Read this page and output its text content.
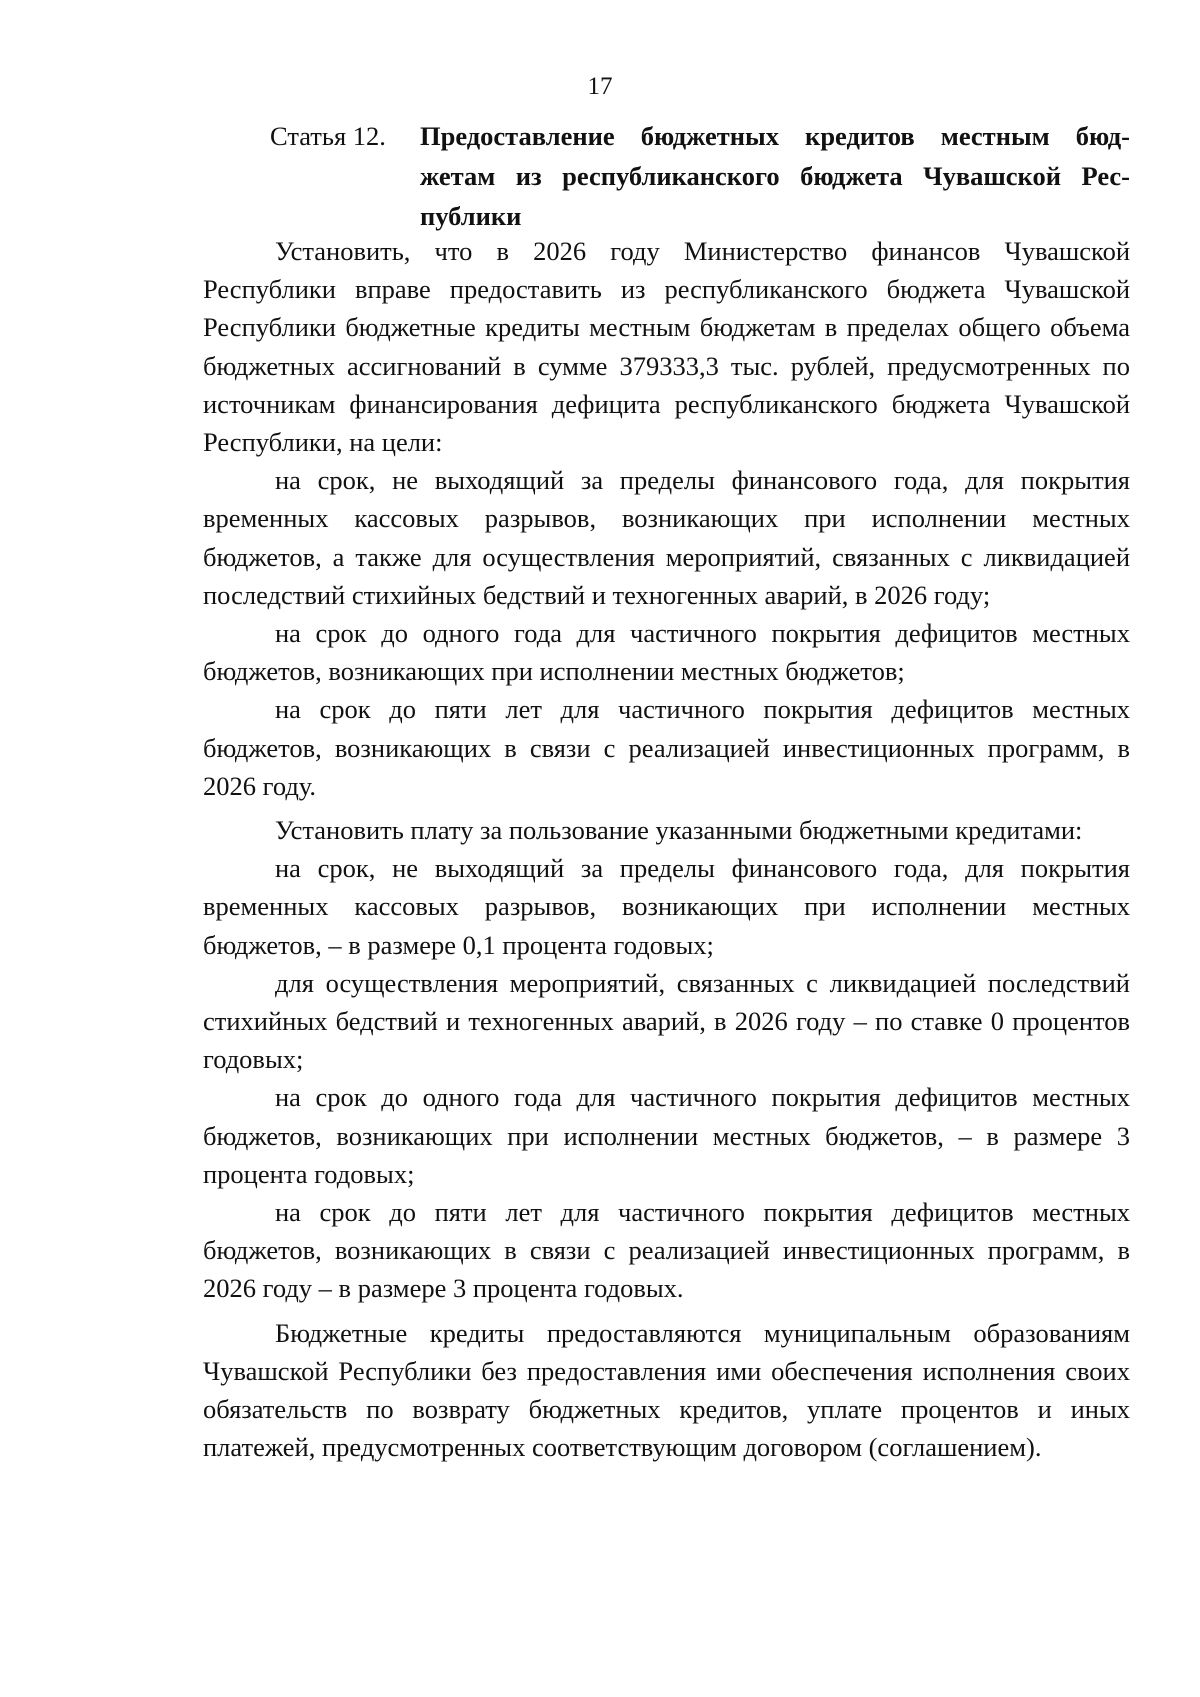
17
Статья 12.	Предоставление бюджетных кредитов местным бюд-
жетам из республиканского бюджета Чувашской Рес-
публики

Установить, что в 2026 году Министерство финансов Чувашской Республики вправе предоставить из республиканского бюджета Чувашской Республики бюджетные кредиты местным бюджетам в пределах общего объема бюджетных ассигнований в сумме 379333,3 тыс. рублей, предусмотренных по источникам финансирования дефицита республиканского бюджета Чувашской Республики, на цели:

на срок, не выходящий за пределы финансового года, для покрытия временных кассовых разрывов, возникающих при исполнении местных бюджетов, а также для осуществления мероприятий, связанных с ликвидацией последствий стихийных бедствий и техногенных аварий, в 2026 году;

на срок до одного года для частичного покрытия дефицитов местных бюджетов, возникающих при исполнении местных бюджетов;

на срок до пяти лет для частичного покрытия дефицитов местных бюджетов, возникающих в связи с реализацией инвестиционных программ, в 2026 году.

Установить плату за пользование указанными бюджетными кредитами:

на срок, не выходящий за пределы финансового года, для покрытия временных кассовых разрывов, возникающих при исполнении местных бюджетов, – в размере 0,1 процента годовых;

для осуществления мероприятий, связанных с ликвидацией последствий стихийных бедствий и техногенных аварий, в 2026 году – по ставке 0 процентов годовых;

на срок до одного года для частичного покрытия дефицитов местных бюджетов, возникающих при исполнении местных бюджетов, – в размере 3 процента годовых;

на срок до пяти лет для частичного покрытия дефицитов местных бюджетов, возникающих в связи с реализацией инвестиционных программ, в 2026 году – в размере 3 процента годовых.

Бюджетные кредиты предоставляются муниципальным образованиям Чувашской Республики без предоставления ими обеспечения исполнения своих обязательств по возврату бюджетных кредитов, уплате процентов и иных платежей, предусмотренных соответствующим договором (соглашением).
